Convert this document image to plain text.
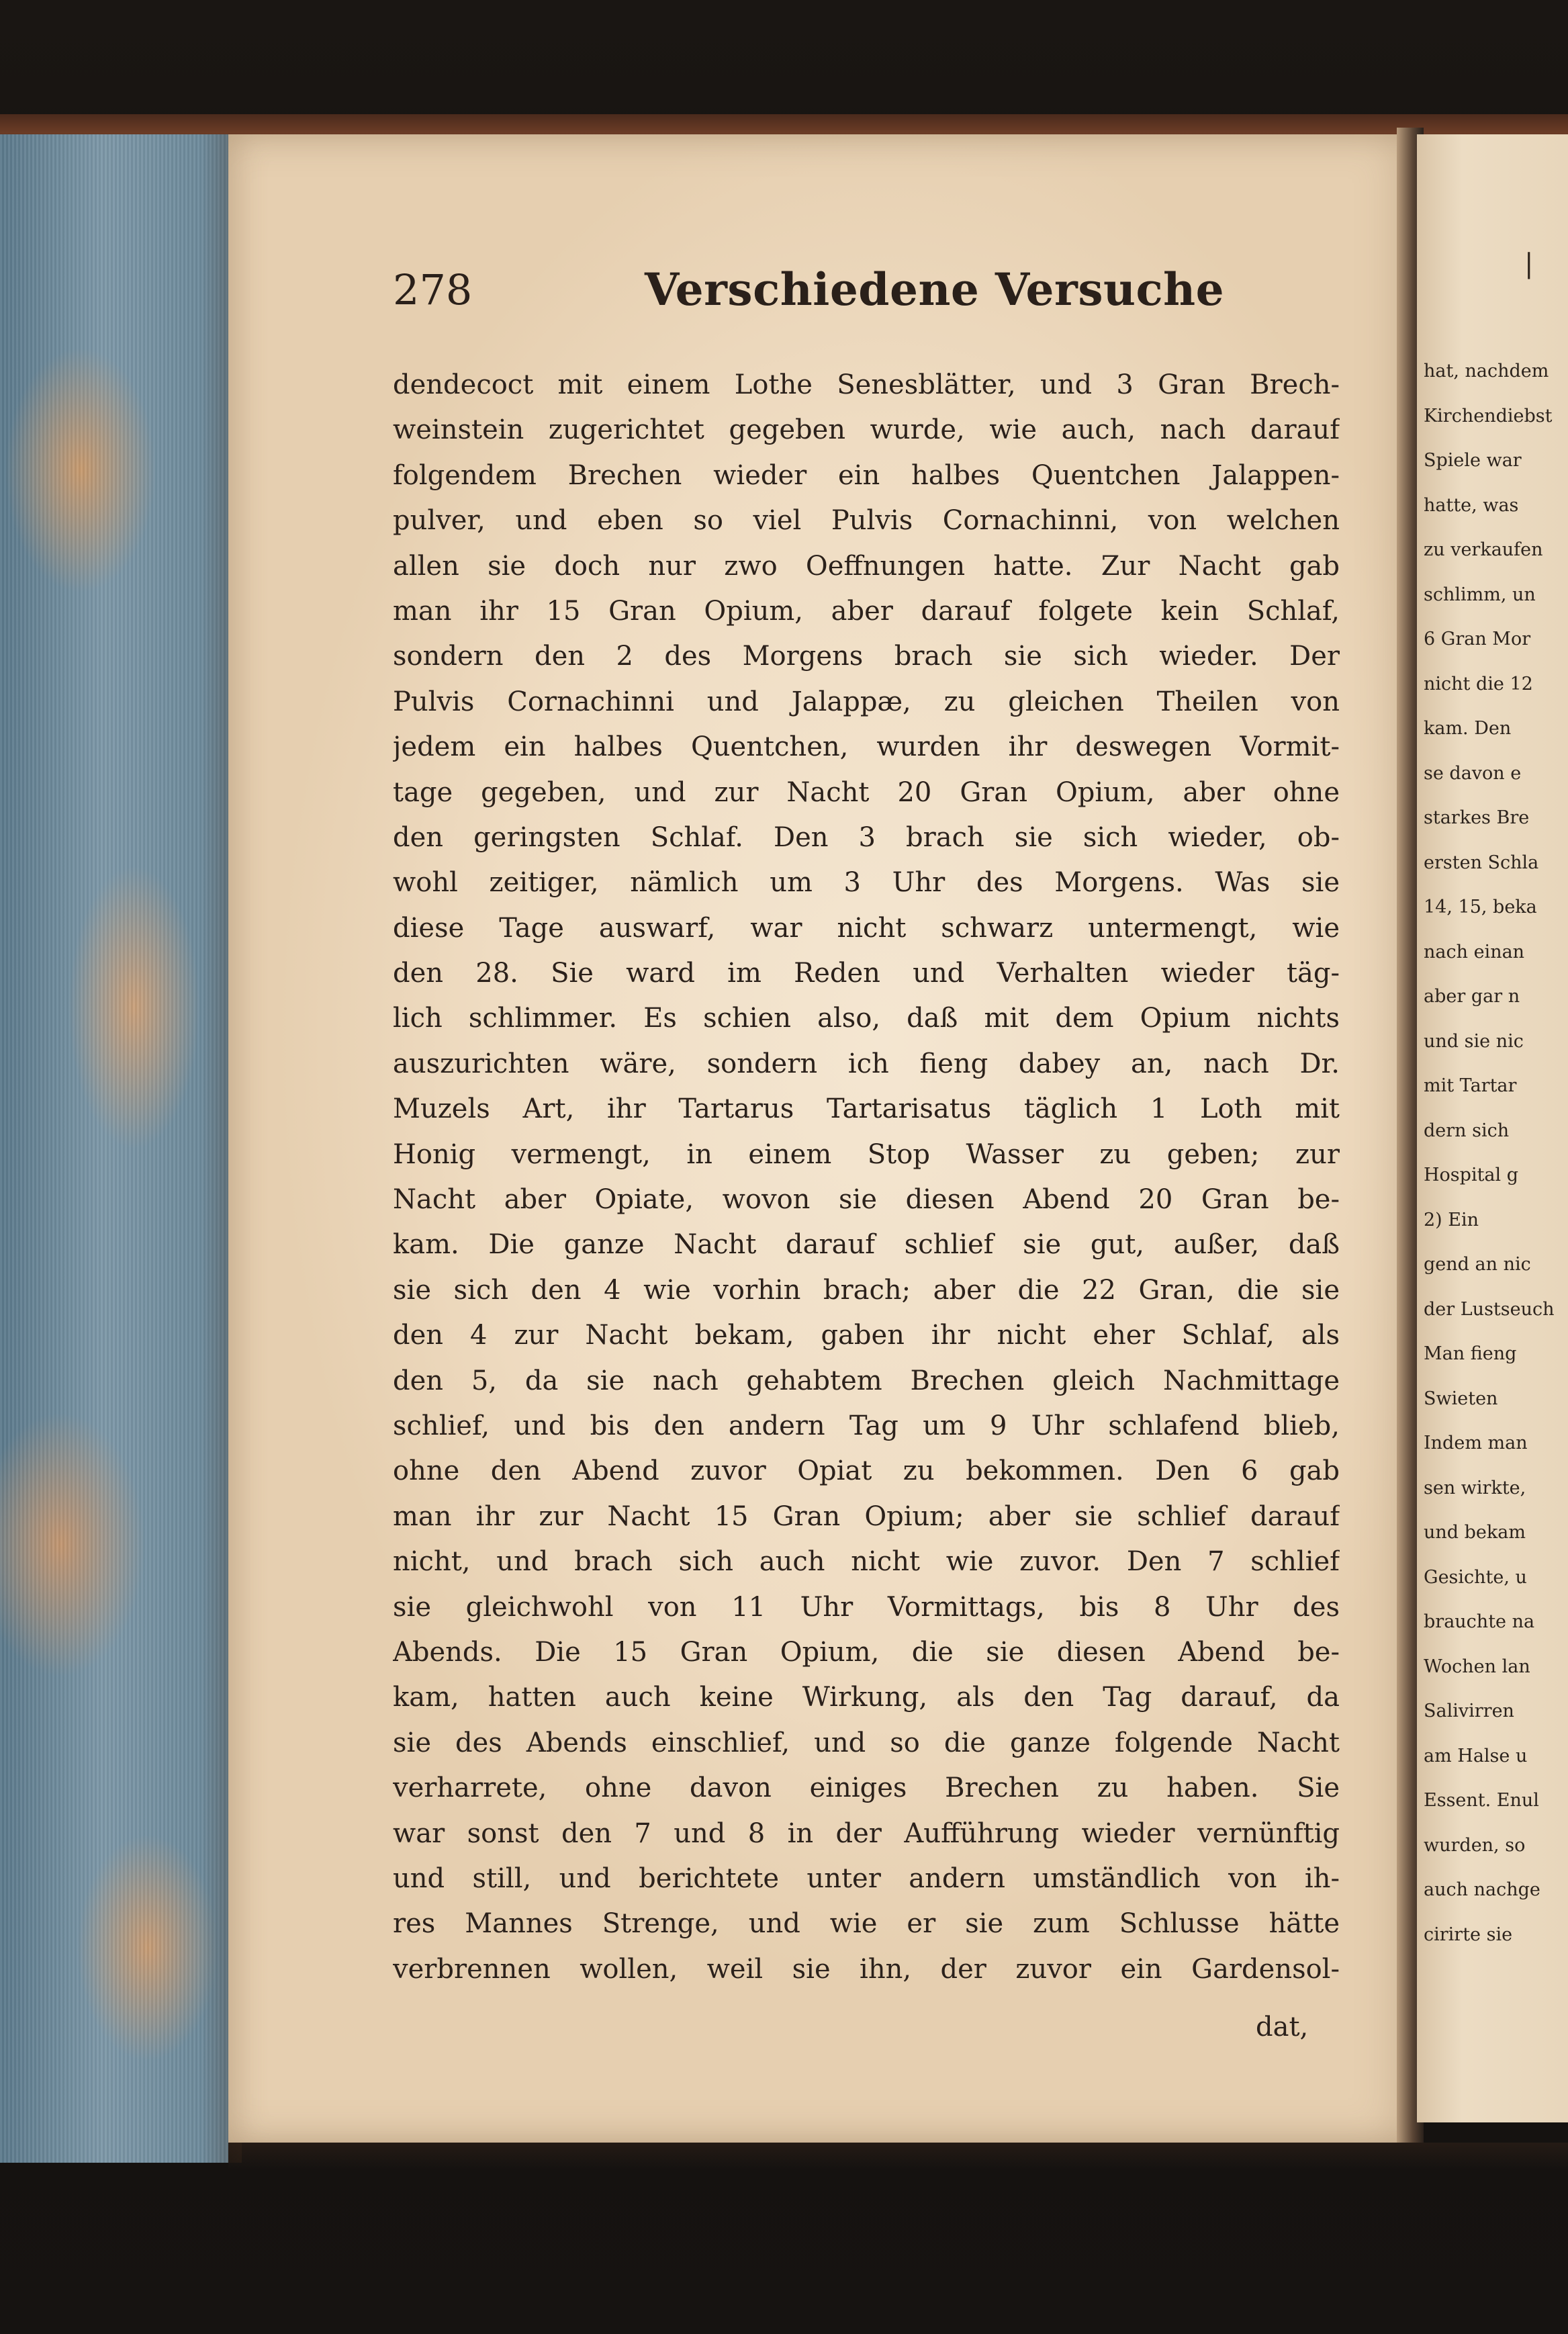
278	Verschiedene Versuche
dendecoct mit einem Lothe Senesblätter, und 3 Gran Brech-
weinstein zugerichtet gegeben wurde, wie auch, nach darauf
folgendem Brechen wieder ein halbes Quentchen Jalappen-
pulver, und eben so viel Pulvis Cornachinni, von welchen
allen sie doch nur zwo Oeffnungen hatte. Zur Nacht gab
man ihr 15 Gran Opium, aber darauf folgete kein Schlaf,
sondern den 2 des Morgens brach sie sich wieder. Der
Pulvis Cornachinni und Jalappæ, zu gleichen Theilen von
jedem ein halbes Quentchen, wurden ihr deswegen Vormit-
tage gegeben, und zur Nacht 20 Gran Opium, aber ohne
den geringsten Schlaf. Den 3 brach sie sich wieder, ob-
wohl zeitiger, nämlich um 3 Uhr des Morgens. Was sie
diese Tage auswarf, war nicht schwarz untermengt, wie
den 28. Sie ward im Reden und Verhalten wieder täg-
lich schlimmer. Es schien also, daß mit dem Opium nichts
auszurichten wäre, sondern ich fieng dabey an, nach Dr.
Muzels Art, ihr Tartarus Tartarisatus täglich 1 Loth mit
Honig vermengt, in einem Stop Wasser zu geben; zur
Nacht aber Opiate, wovon sie diesen Abend 20 Gran be-
kam. Die ganze Nacht darauf schlief sie gut, außer, daß
sie sich den 4 wie vorhin brach; aber die 22 Gran, die sie
den 4 zur Nacht bekam, gaben ihr nicht eher Schlaf, als
den 5, da sie nach gehabtem Brechen gleich Nachmittage
schlief, und bis den andern Tag um 9 Uhr schlafend blieb,
ohne den Abend zuvor Opiat zu bekommen. Den 6 gab
man ihr zur Nacht 15 Gran Opium; aber sie schlief darauf
nicht, und brach sich auch nicht wie zuvor. Den 7 schlief
sie gleichwohl von 11 Uhr Vormittags, bis 8 Uhr des
Abends. Die 15 Gran Opium, die sie diesen Abend be-
kam, hatten auch keine Wirkung, als den Tag darauf, da
sie des Abends einschlief, und so die ganze folgende Nacht
verharrete, ohne davon einiges Brechen zu haben. Sie
war sonst den 7 und 8 in der Aufführung wieder vernünftig
und still, und berichtete unter andern umständlich von ih-
res Mannes Strenge, und wie er sie zum Schlusse hätte
verbrennen wollen, weil sie ihn, der zuvor ein Gardensol-
dat,
hat, nachdem
Kirchendiebst
Spiele war
hatte, was
zu verkaufen
schlimm, un
6 Gran Mor
nicht die 12
kam. Den
se davon e
starkes Bre
ersten Schla
14, 15, beka
nach einan
aber gar n
und sie nic
mit Tartar
dern sich
Hospital g
2) Ein
gend an nic
der Lustseuch
Man fieng
Swieten
Indem man
sen wirkte,
und bekam
Gesichte, u
brauchte na
Wochen lan
Salivirren
am Halse u
Essent. Enul
wurden, so
auch nachge
cirirte sie
|
